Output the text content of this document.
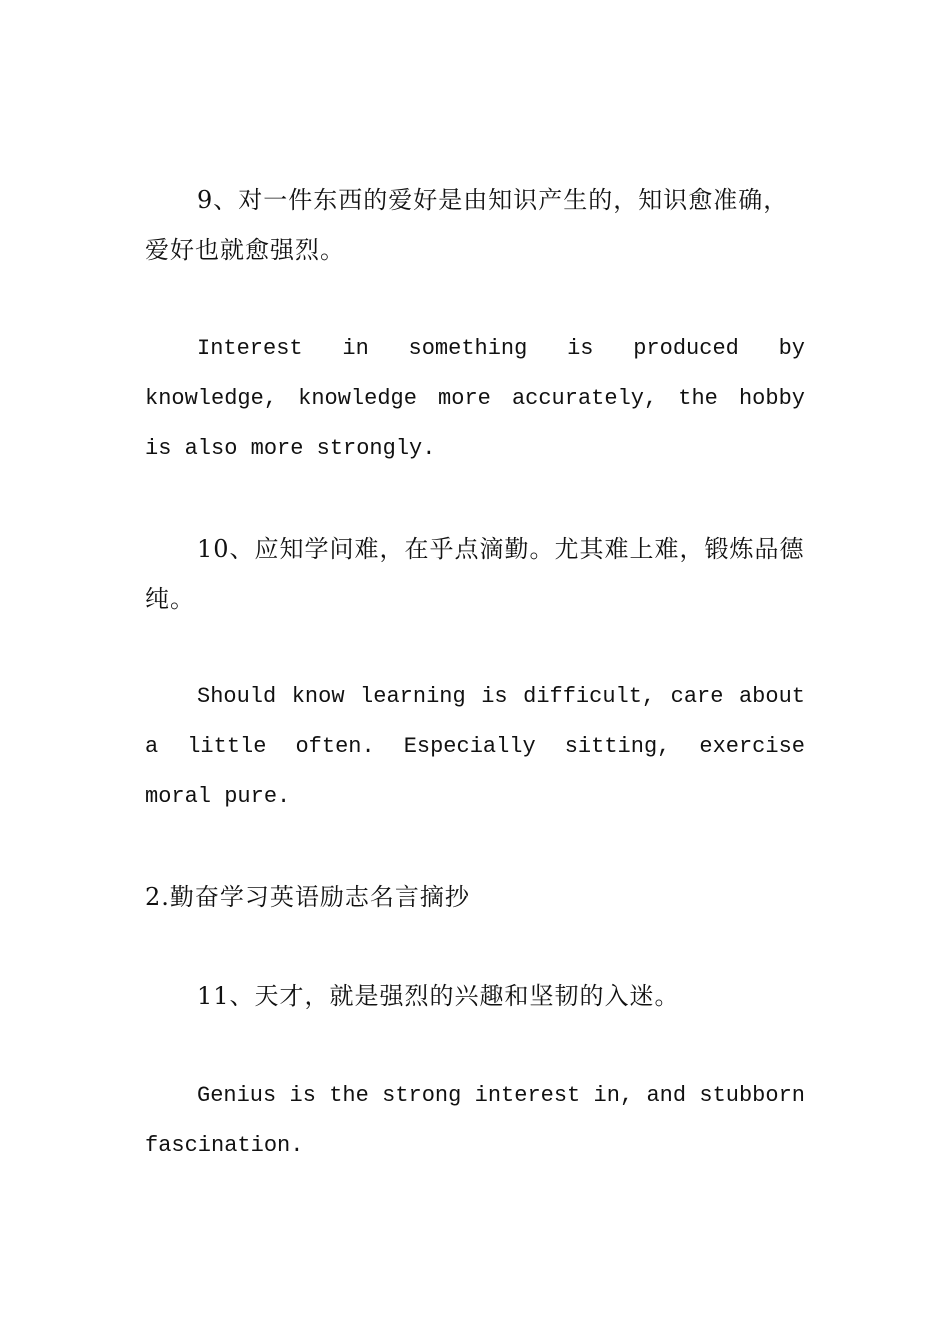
9、对一件东西的爱好是由知识产生的，知识愈准确，爱好也就愈强烈。

Interest in something is produced by knowledge, knowledge more accurately, the hobby is also more strongly.

10、应知学问难，在乎点滴勤。尤其难上难，锻炼品德纯。

Should know learning is difficult, care about a little often. Especially sitting, exercise moral pure.

2.勤奋学习英语励志名言摘抄

11、天才，就是强烈的兴趣和坚韧的入迷。

Genius is the strong interest in, and stubborn fascination.
